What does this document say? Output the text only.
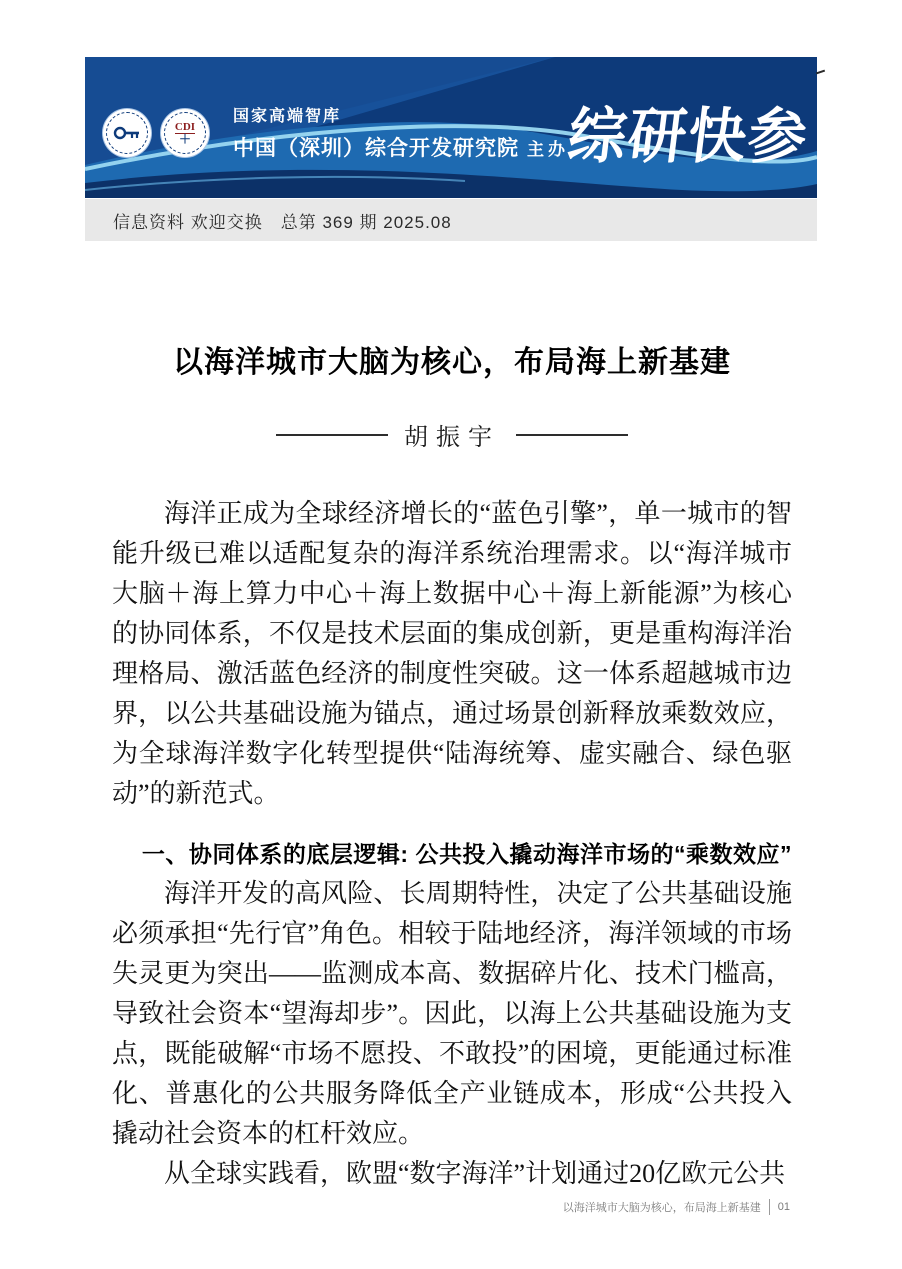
CDI
＋
国家高端智库
中国（深圳）综合开发研究院 主办
综研快参
信息资料 欢迎交换　总第 369 期 2025.08
以海洋城市大脑为核心，布局海上新基建
胡振宇

海洋正成为全球经济增长的“蓝色引擎”，单一城市的智能升级已难以适配复杂的海洋系统治理需求。以“海洋城市大脑＋海上算力中心＋海上数据中心＋海上新能源”为核心的协同体系，不仅是技术层面的集成创新，更是重构海洋治理格局、激活蓝色经济的制度性突破。这一体系超越城市边界，以公共基础设施为锚点，通过场景创新释放乘数效应，为全球海洋数字化转型提供“陆海统筹、虚实融合、绿色驱动”的新范式。

一、协同体系的底层逻辑: 公共投入撬动海洋市场的“乘数效应”

海洋开发的高风险、长周期特性，决定了公共基础设施必须承担“先行官”角色。相较于陆地经济，海洋领域的市场失灵更为突出——监测成本高、数据碎片化、技术门槛高，导致社会资本“望海却步”。因此，以海上公共基础设施为支点，既能破解“市场不愿投、不敢投”的困境，更能通过标准化、普惠化的公共服务降低全产业链成本，形成“公共投入撬动社会资本的杠杆效应。

从全球实践看，欧盟“数字海洋”计划通过20亿欧元公共

以海洋城市大脑为核心，布局海上新基建 01
